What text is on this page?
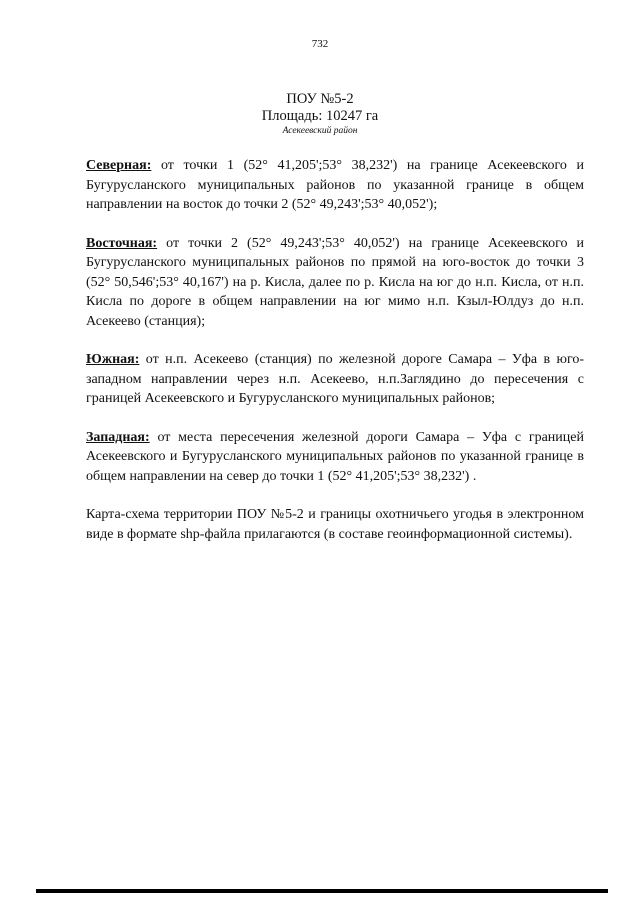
732
ПОУ №5-2
Площадь: 10247 га
Асекеевский район

Северная: от точки 1 (52° 41,205';53° 38,232') на границе Асекеевского и Бугурусланского муниципальных районов по указанной границе в общем направлении на восток до точки 2 (52° 49,243';53° 40,052');

Восточная: от точки 2 (52° 49,243';53° 40,052') на границе Асекеевского и Бугурусланского муниципальных районов по прямой на юго-восток до точки 3 (52° 50,546';53° 40,167') на р. Кисла, далее по р. Кисла на юг до н.п. Кисла, от н.п. Кисла по дороге в общем направлении на юг мимо н.п. Кзыл-Юлдуз до н.п. Асекеево (станция);

Южная: от н.п. Асекеево (станция) по железной дороге Самара – Уфа в юго-западном направлении через н.п. Асекеево, н.п.Заглядино до пересечения с границей Асекеевского и Бугурусланского муниципальных районов;

Западная: от места пересечения железной дороги Самара – Уфа с границей Асекеевского и Бугурусланского муниципальных районов по указанной границе в общем направлении на север до точки 1 (52° 41,205';53° 38,232') .

Карта-схема территории ПОУ №5-2 и границы охотничьего угодья в электронном виде в формате shp-файла прилагаются (в составе геоинформационной системы).
